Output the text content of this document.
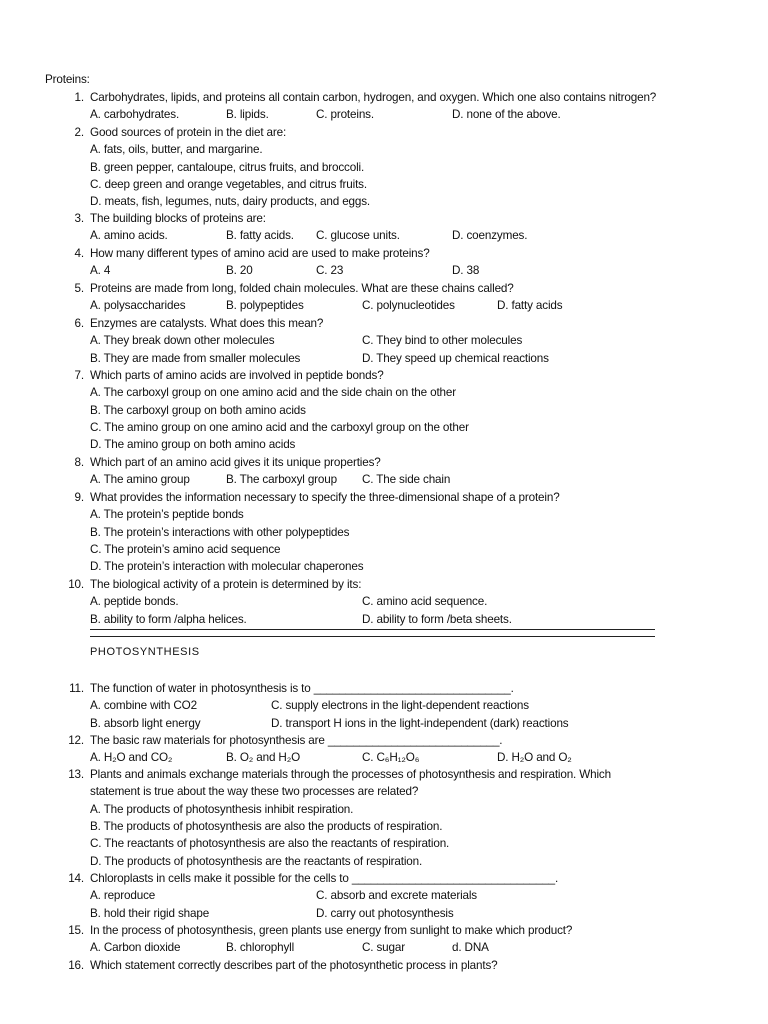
Proteins:
PHOTOSYNTHESIS
1. Carbohydrates, lipids, and proteins all contain carbon, hydrogen, and oxygen. Which one also contains nitrogen?
A. carbohydrates.	B. lipids.	C. proteins.	D. none of the above.
2. Good sources of protein in the diet are:
A. fats, oils, butter, and margarine.
B. green pepper, cantaloupe, citrus fruits, and broccoli.
C. deep green and orange vegetables, and citrus fruits.
D. meats, fish, legumes, nuts, dairy products, and eggs.
3. The building blocks of proteins are:
A. amino acids.	B. fatty acids. C. glucose units.	D. coenzymes.
4. How many different types of amino acid are used to make proteins?
A. 4	B. 20	C. 23	D. 38
5. Proteins are made from long, folded chain molecules. What are these chains called?
A. polysaccharides	B. polypeptides	C. polynucleotides	D. fatty acids
6. Enzymes are catalysts. What does this mean?
A. They break down other molecules	C. They bind to other molecules
B. They are made from smaller molecules	D. They speed up chemical reactions
7. Which parts of amino acids are involved in peptide bonds?
A. The carboxyl group on one amino acid and the side chain on the other
B. The carboxyl group on both amino acids
C. The amino group on one amino acid and the carboxyl group on the other
D. The amino group on both amino acids
8. Which part of an amino acid gives it its unique properties?
A. The amino group	B. The carboxyl group C. The side chain
9. What provides the information necessary to specify the three-dimensional shape of a protein?
A. The protein’s peptide bonds
B. The protein’s interactions with other polypeptides
C. The protein’s amino acid sequence
D. The protein’s interaction with molecular chaperones
10. The biological activity of a protein is determined by its:
A. peptide bonds.	C. amino acid sequence.
B. ability to form /alpha helices.	D. ability to form /beta sheets.
11. The function of water in photosynthesis is to _______________________________.
A. combine with CO2	C. supply electrons in the light-dependent reactions
B. absorb light energy	D. transport H ions in the light-independent (dark) reactions
12. The basic raw materials for photosynthesis are ___________________________.
A. H₂O and CO₂	B. O₂ and H₂O	C. C₆H₁₂O₆	D. H₂O and O₂
13. Plants and animals exchange materials through the processes of photosynthesis and respiration. Which
statement is true about the way these two processes are related?
A. The products of photosynthesis inhibit respiration.
B. The products of photosynthesis are also the products of respiration.
C. The reactants of photosynthesis are also the reactants of respiration.
D. The products of photosynthesis are the reactants of respiration.
14. Chloroplasts in cells make it possible for the cells to ________________________________.
A. reproduce	C. absorb and excrete materials
B. hold their rigid shape	D. carry out photosynthesis
15. In the process of photosynthesis, green plants use energy from sunlight to make which product?
A. Carbon dioxide	B. chlorophyll	C. sugar	d. DNA
16. Which statement correctly describes part of the photosynthetic process in plants?
